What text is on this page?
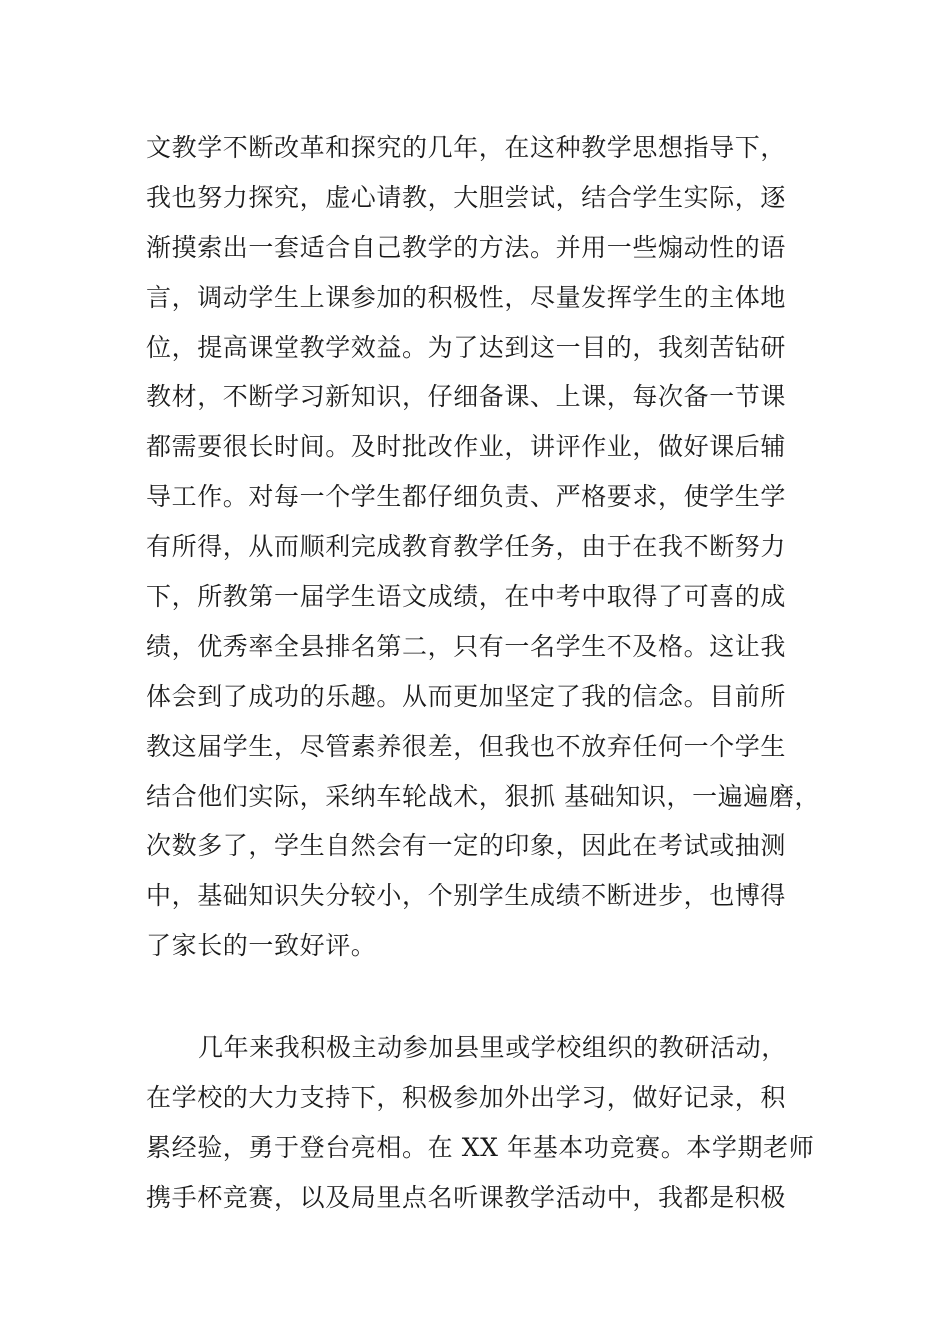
文教学不断改革和探究的几年，在这种教学思想指导下，
我也努力探究，虚心请教，大胆尝试，结合学生实际，逐
渐摸索出一套适合自己教学的方法。并用一些煽动性的语
言，调动学生上课参加的积极性，尽量发挥学生的主体地
位，提高课堂教学效益。为了达到这一目的，我刻苦钻研
教材，不断学习新知识，仔细备课、上课，每次备一节课
都需要很长时间。及时批改作业，讲评作业，做好课后辅
导工作。对每一个学生都仔细负责、严格要求，使学生学
有所得，从而顺利完成教育教学任务，由于在我不断努力
下，所教第一届学生语文成绩，在中考中取得了可喜的成
绩，优秀率全县排名第二，只有一名学生不及格。这让我
体会到了成功的乐趣。从而更加坚定了我的信念。目前所
教这届学生，尽管素养很差，但我也不放弃任何一个学生
结合他们实际，采纳车轮战术，狠抓 基础知识，一遍遍磨，
次数多了，学生自然会有一定的印象，因此在考试或抽测
中，基础知识失分较小，个别学生成绩不断进步，也博得
了家长的一致好评。
几年来我积极主动参加县里或学校组织的教研活动，
在学校的大力支持下，积极参加外出学习，做好记录，积
累经验，勇于登台亮相。在 XX 年基本功竞赛。本学期老师
携手杯竞赛，以及局里点名听课教学活动中，我都是积极
